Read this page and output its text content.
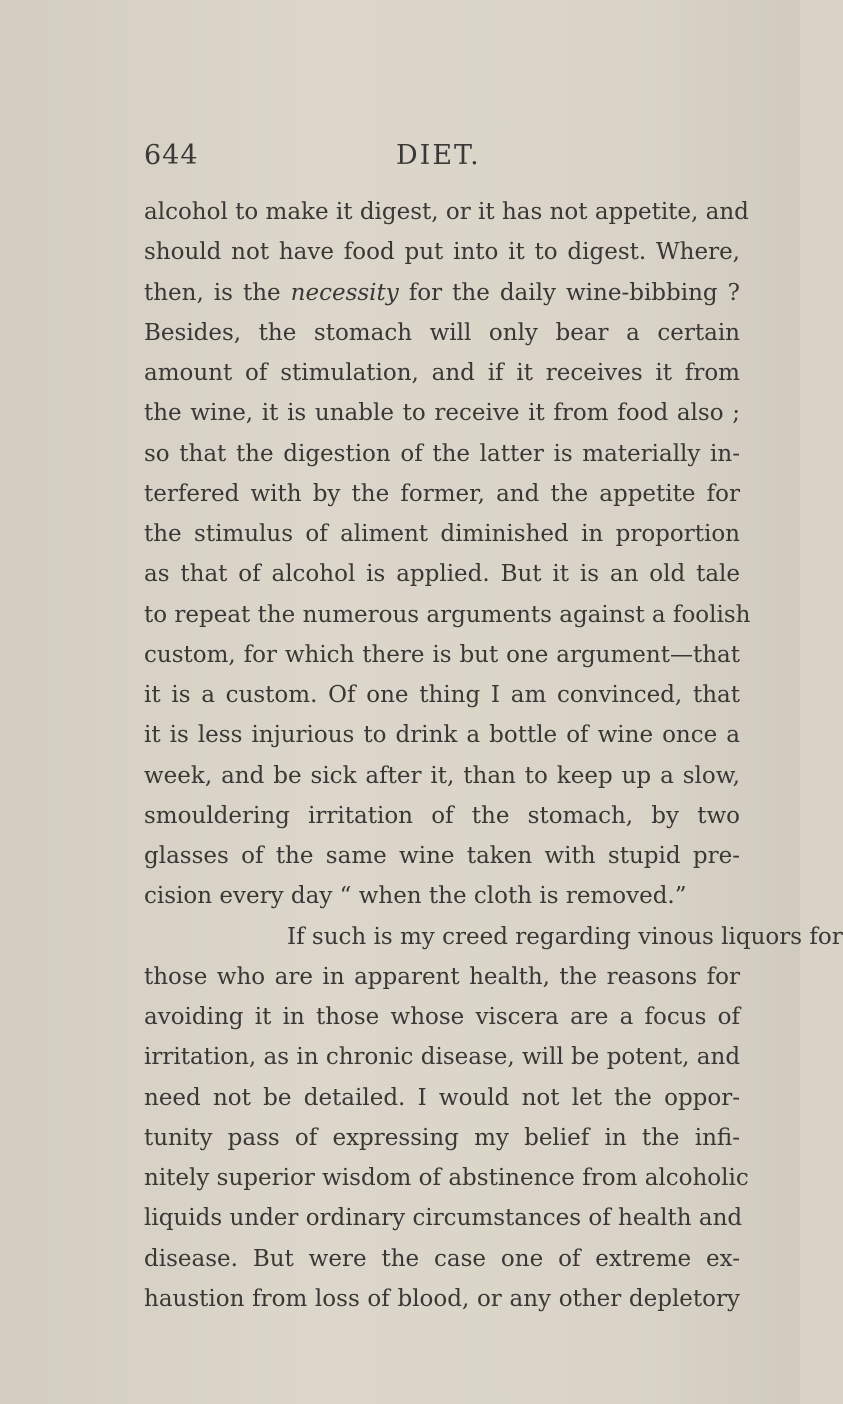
644	DIET.
alcohol to make it digest, or it has not appetite, and
should not have food put into it to digest. Where,
then, is the necessity for the daily wine-bibbing ?
Besides, the stomach will only bear a certain
amount of stimulation, and if it receives it from
the wine, it is unable to receive it from food also ;
so that the digestion of the latter is materially in-
terfered with by the former, and the appetite for
the stimulus of aliment diminished in proportion
as that of alcohol is applied. But it is an old tale
to repeat the numerous arguments against a foolish
custom, for which there is but one argument—that
it is a custom. Of one thing I am convinced, that
it is less injurious to drink a bottle of wine once a
week, and be sick after it, than to keep up a slow,
smouldering irritation of the stomach, by two
glasses of the same wine taken with stupid pre-
cision every day “ when the cloth is removed.”
If such is my creed regarding vinous liquors for
those who are in apparent health, the reasons for
avoiding it in those whose viscera are a focus of
irritation, as in chronic disease, will be potent, and
need not be detailed. I would not let the oppor-
tunity pass of expressing my belief in the infi-
nitely superior wisdom of abstinence from alcoholic
liquids under ordinary circumstances of health and
disease. But were the case one of extreme ex-
haustion from loss of blood, or any other depletory
